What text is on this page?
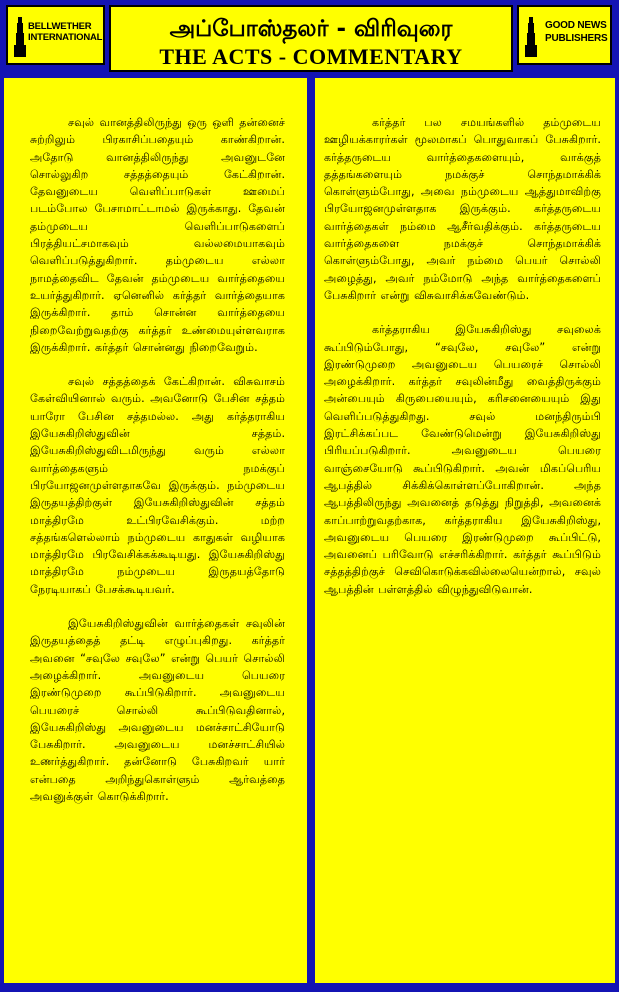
BELLWETHER
INTERNATIONAL	அப்போஸ்தலர் - விரிவுரை
THE ACTS - COMMENTARY
GOOD NEWS
PUBLISHERS

சவுல் வானத்திலிருந்து ஒரு ஒளி தன்னைச் சுற்றிலும் பிரகாசிப்பதையும் காண்கிறான். அதோடு வானத்திலிருந்து அவனுடனே சொல்லுகிற சத்தத்தையும் கேட்கிறான். தேவனுடைய வெளிப்பாடுகள் ஊமைப் படம்போல பேசாமாட்டாமல் இருக்காது. தேவன் தம்முடைய வெளிப்பாடுகளைப் பிரத்தியட்சமாகவும் வல்லமையாகவும் வெளிப்படுத்துகிறார். தம்முடைய எல்லா நாமத்தைவிட தேவன் தம்முடைய வார்த்தையை உயர்த்துகிறார். ஏனெனில் கர்த்தர் வார்த்தையாக இருக்கிறார். தாம் சொன்ன வார்த்தையை நிறைவேற்றுவதற்கு கர்த்தர் உண்மையுள்ளவராக இருக்கிறார். கர்த்தர் சொன்னது நிறைவேறும்.

சவுல் சத்தத்தைக் கேட்கிறான். விசுவாசம் கேள்வியினால் வரும். அவனோடு பேசின சத்தம் யாரோ பேசின சத்தமல்ல. அது கர்த்தராகிய இயேசுகிறிஸ்துவின் சத்தம். இயேசுகிறிஸ்துவிடமிருந்து வரும் எல்லா வார்த்தைகளும் நமக்குப் பிரயோஜனமுள்ளதாகவே இருக்கும். நம்முடைய இருதயத்திற்குள் இயேசுகிறிஸ்துவின் சத்தம் மாத்திரமே உட்பிரவேசிக்கும். மற்ற சத்தங்களெல்லாம் நம்முடைய காதுகள் வழியாக மாத்திரமே பிரவேசிக்கக்கூடியது. இயேசுகிறிஸ்து மாத்திரமே நம்முடைய இருதயத்தோடு நேரடியாகப் பேசக்கூடியவர்.

இயேசுகிறிஸ்துவின் வார்த்தைகள் சவுலின் இருதயத்தைத் தட்டி எழுப்புகிறது. கர்த்தர் அவனை “சவுலே சவுலே” என்று பெயர் சொல்லி அழைக்கிறார். அவனுடைய பெயரை இரண்டுமுறை கூப்பிடுகிறார். அவனுடைய பெயரைச் சொல்லி கூப்பிடுவதினால், இயேசுகிறிஸ்து அவனுடைய மனச்சாட்சியோடு பேசுகிறார். அவனுடைய மனச்சாட்சியில் உணர்த்துகிறார். தன்னோடு பேசுகிறவர் யார் என்பதை அறிந்துகொள்ளும் ஆர்வத்தை அவனுக்குள் கொடுக்கிறார்.

கர்த்தர் பல சமயங்களில் தம்முடைய ஊழியக்காரர்கள் மூலமாகப் பொதுவாகப் பேசுகிறார். கர்த்தருடைய வார்த்தைகளையும், வாக்குத் தத்தங்களையும் நமக்குச் சொந்தமாக்கிக் கொள்ளும்போது, அவை நம்முடைய ஆத்துமாவிற்கு பிரயோஜனமுள்ளதாக இருக்கும். கர்த்தருடைய வார்த்தைகள் நம்மை ஆசீர்வதிக்கும். கர்த்தருடைய வார்த்தைகளை நமக்குச் சொந்தமாக்கிக் கொள்ளும்போது, அவர் நம்மை பெயர் சொல்லி அழைத்து, அவர் நம்மோடு அந்த வார்த்தைகளைப் பேசுகிறார் என்று விசுவாசிக்கவேண்டும்.

கர்த்தராகிய இயேசுகிறிஸ்து சவுலைக் கூப்பிடும்போது, “சவுலே, சவுலே” என்று இரண்டுமுறை அவனுடைய பெயரைச் சொல்லி அழைக்கிறார். கர்த்தர் சவுலின்மீது வைத்திருக்கும் அன்பையும் கிருபையையும், கரிசனையையும் இது வெளிப்படுத்துகிறது. சவுல் மனந்திரும்பி இரட்சிக்கப்பட வேண்டுமென்று இயேசுகிறிஸ்து பிரியப்படுகிறார். அவனுடைய பெயரை வாஞ்சையோடு கூப்பிடுகிறார். அவன் மிகப்பெரிய ஆபத்தில் சிக்கிக்கொள்ளப்போகிறான். அந்த ஆபத்திலிருந்து அவனைத் தடுத்து நிறுத்தி, அவனைக் காப்பாற்றுவதற்காக, கர்த்தராகிய இயேசுகிறிஸ்து, அவனுடைய பெயரை இரண்டுமுறை கூப்பிட்டு, அவனைப் பரிவோடு எச்சரிக்கிறார். கர்த்தர் கூப்பிடும் சத்தத்திற்குச் செவிகொடுக்கவில்லையென்றால், சவுல் ஆபத்தின் பள்ளத்தில் விழுந்துவிடுவான்.
